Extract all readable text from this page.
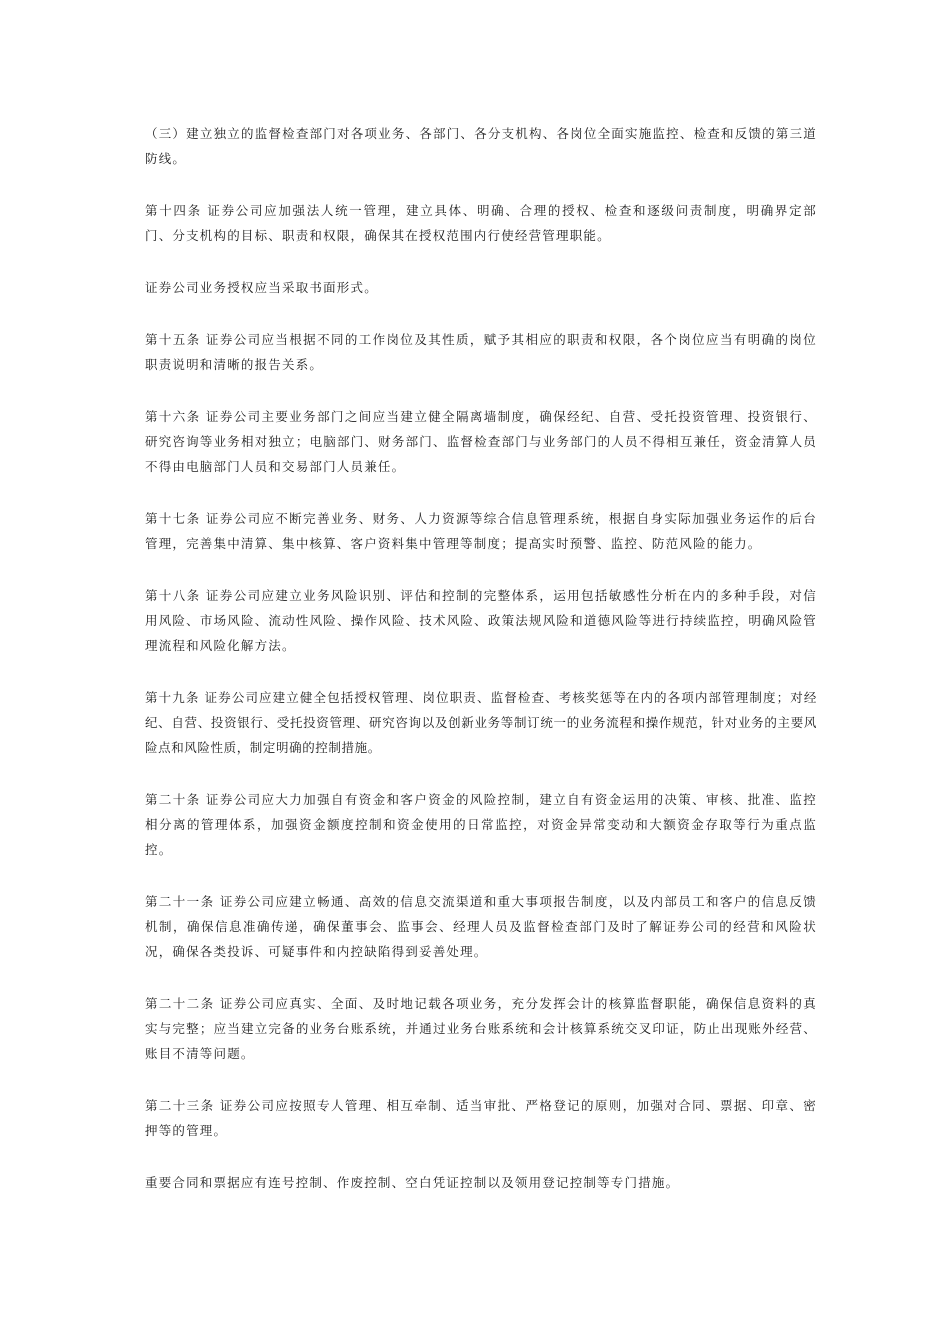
（三）建立独立的监督检查部门对各项业务、各部门、各分支机构、各岗位全面实施监控、检查和反馈的第三道防线。

第十四条 证券公司应加强法人统一管理，建立具体、明确、合理的授权、检查和逐级问责制度，明确界定部门、分支机构的目标、职责和权限，确保其在授权范围内行使经营管理职能。

证券公司业务授权应当采取书面形式。

第十五条 证券公司应当根据不同的工作岗位及其性质，赋予其相应的职责和权限，各个岗位应当有明确的岗位职责说明和清晰的报告关系。

第十六条 证券公司主要业务部门之间应当建立健全隔离墙制度，确保经纪、自营、受托投资管理、投资银行、研究咨询等业务相对独立；电脑部门、财务部门、监督检查部门与业务部门的人员不得相互兼任，资金清算人员不得由电脑部门人员和交易部门人员兼任。

第十七条 证券公司应不断完善业务、财务、人力资源等综合信息管理系统，根据自身实际加强业务运作的后台管理，完善集中清算、集中核算、客户资料集中管理等制度；提高实时预警、监控、防范风险的能力。

第十八条 证券公司应建立业务风险识别、评估和控制的完整体系，运用包括敏感性分析在内的多种手段，对信用风险、市场风险、流动性风险、操作风险、技术风险、政策法规风险和道德风险等进行持续监控，明确风险管理流程和风险化解方法。

第十九条 证券公司应建立健全包括授权管理、岗位职责、监督检查、考核奖惩等在内的各项内部管理制度；对经纪、自营、投资银行、受托投资管理、研究咨询以及创新业务等制订统一的业务流程和操作规范，针对业务的主要风险点和风险性质，制定明确的控制措施。

第二十条 证券公司应大力加强自有资金和客户资金的风险控制，建立自有资金运用的决策、审核、批准、监控相分离的管理体系，加强资金额度控制和资金使用的日常监控，对资金异常变动和大额资金存取等行为重点监控。

第二十一条 证券公司应建立畅通、高效的信息交流渠道和重大事项报告制度，以及内部员工和客户的信息反馈机制，确保信息准确传递，确保董事会、监事会、经理人员及监督检查部门及时了解证券公司的经营和风险状况，确保各类投诉、可疑事件和内控缺陷得到妥善处理。

第二十二条 证券公司应真实、全面、及时地记载各项业务，充分发挥会计的核算监督职能，确保信息资料的真实与完整；应当建立完备的业务台账系统，并通过业务台账系统和会计核算系统交叉印证，防止出现账外经营、账目不清等问题。

第二十三条 证券公司应按照专人管理、相互牵制、适当审批、严格登记的原则，加强对合同、票据、印章、密押等的管理。

重要合同和票据应有连号控制、作废控制、空白凭证控制以及领用登记控制等专门措施。
